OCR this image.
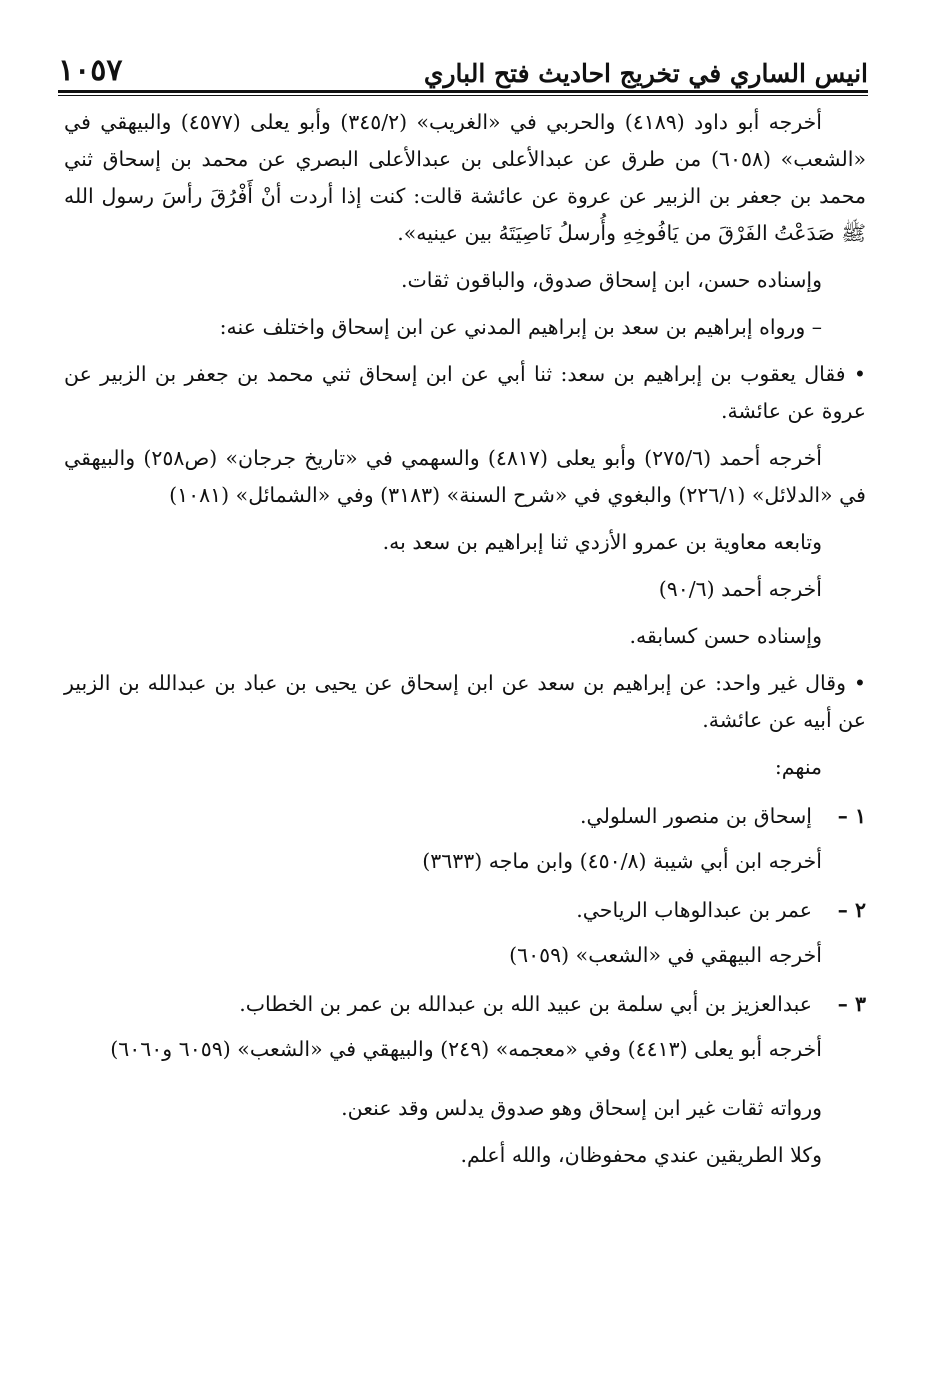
انيس الساري في تخريج احاديث فتح الباري
١٠٥٧

أخرجه أبو داود (٤١٨٩) والحربي في «الغريب» (٣٤٥/٢) وأبو يعلى (٤٥٧٧) والبيهقي في «الشعب» (٦٠٥٨) من طرق عن عبدالأعلى بن عبدالأعلى البصري عن محمد بن إسحاق ثني محمد بن جعفر بن الزبير عن عروة عن عائشة قالت: كنت إذا أردت أنْ أَفْرُقَ رأسَ رسول الله ﷺ صَدَعْتُ الفَرْقَ من يَافُوخِهِ وأُرسلُ نَاصِيَتَهُ بين عينيه».

وإسناده حسن، ابن إسحاق صدوق، والباقون ثقات.

– ورواه إبراهيم بن سعد بن إبراهيم المدني عن ابن إسحاق واختلف عنه:

• فقال يعقوب بن إبراهيم بن سعد: ثنا أبي عن ابن إسحاق ثني محمد بن جعفر بن الزبير عن عروة عن عائشة.

أخرجه أحمد (٢٧٥/٦) وأبو يعلى (٤٨١٧) والسهمي في «تاريخ جرجان» (ص٢٥٨) والبيهقي في «الدلائل» (٢٢٦/١) والبغوي في «شرح السنة» (٣١٨٣) وفي «الشمائل» (١٠٨١)

وتابعه معاوية بن عمرو الأزدي ثنا إبراهيم بن سعد به.

أخرجه أحمد (٩٠/٦)

وإسناده حسن كسابقه.

• وقال غير واحد: عن إبراهيم بن سعد عن ابن إسحاق عن يحيى بن عباد بن عبدالله بن الزبير عن أبيه عن عائشة.

منهم:

١ –
إسحاق بن منصور السلولي.

أخرجه ابن أبي شيبة (٤٥٠/٨) وابن ماجه (٣٦٣٣)

٢ –
عمر بن عبدالوهاب الرياحي.

أخرجه البيهقي في «الشعب» (٦٠٥٩)

٣ –
عبدالعزيز بن أبي سلمة بن عبيد الله بن عبدالله بن عمر بن الخطاب.

أخرجه أبو يعلى (٤٤١٣) وفي «معجمه» (٢٤٩) والبيهقي في «الشعب» (٦٠٥٩ و٦٠٦٠)

ورواته ثقات غير ابن إسحاق وهو صدوق يدلس وقد عنعن.

وكلا الطريقين عندي محفوظان، والله أعلم.
